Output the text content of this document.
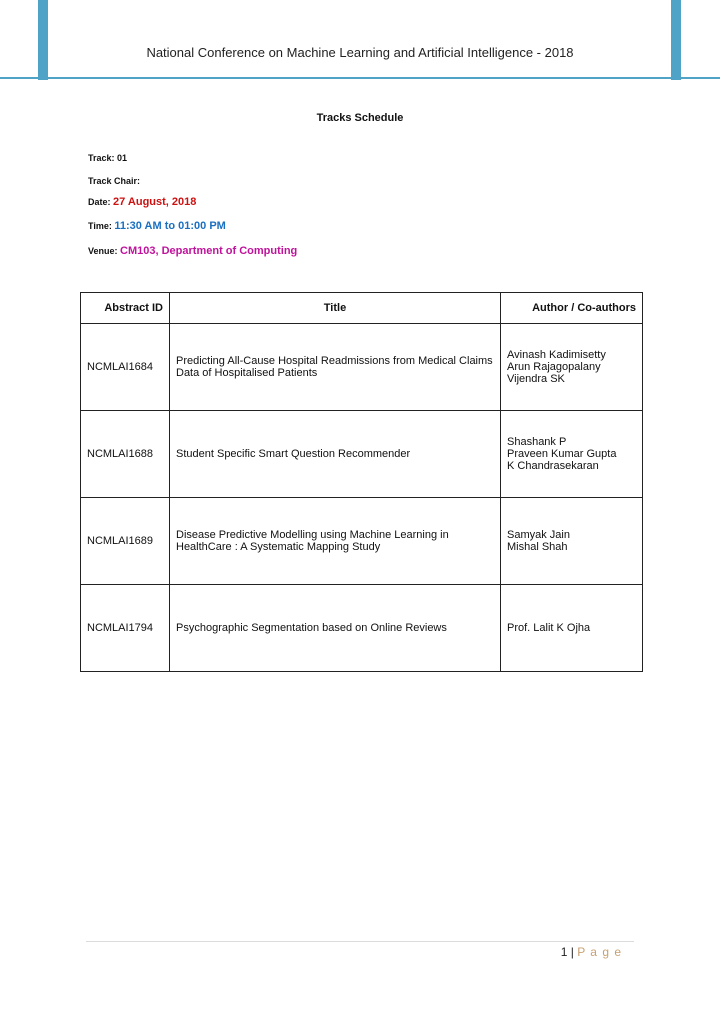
National Conference on Machine Learning and Artificial Intelligence - 2018
Tracks Schedule
Track: 01
Track Chair:
Date: 27 August, 2018
Time: 11:30 AM to 01:00 PM
Venue: CM103, Department of Computing
Abstract ID	Title	Author / Co-authors
NCMLAI1684	Predicting All-Cause Hospital Readmissions from Medical Claims Data of Hospitalised Patients	Avinash Kadimisetty
Arun Rajagopalany
Vijendra SK

NCMLAI1688	Student Specific Smart Question Recommender	Shashank P
Praveen Kumar Gupta
K Chandrasekaran

NCMLAI1689	Disease Predictive Modelling using Machine Learning in HealthCare : A Systematic Mapping Study	Samyak Jain
Mishal Shah

NCMLAI1794	Psychographic Segmentation based on Online Reviews	Prof. Lalit K Ojha
1 | P a g e
